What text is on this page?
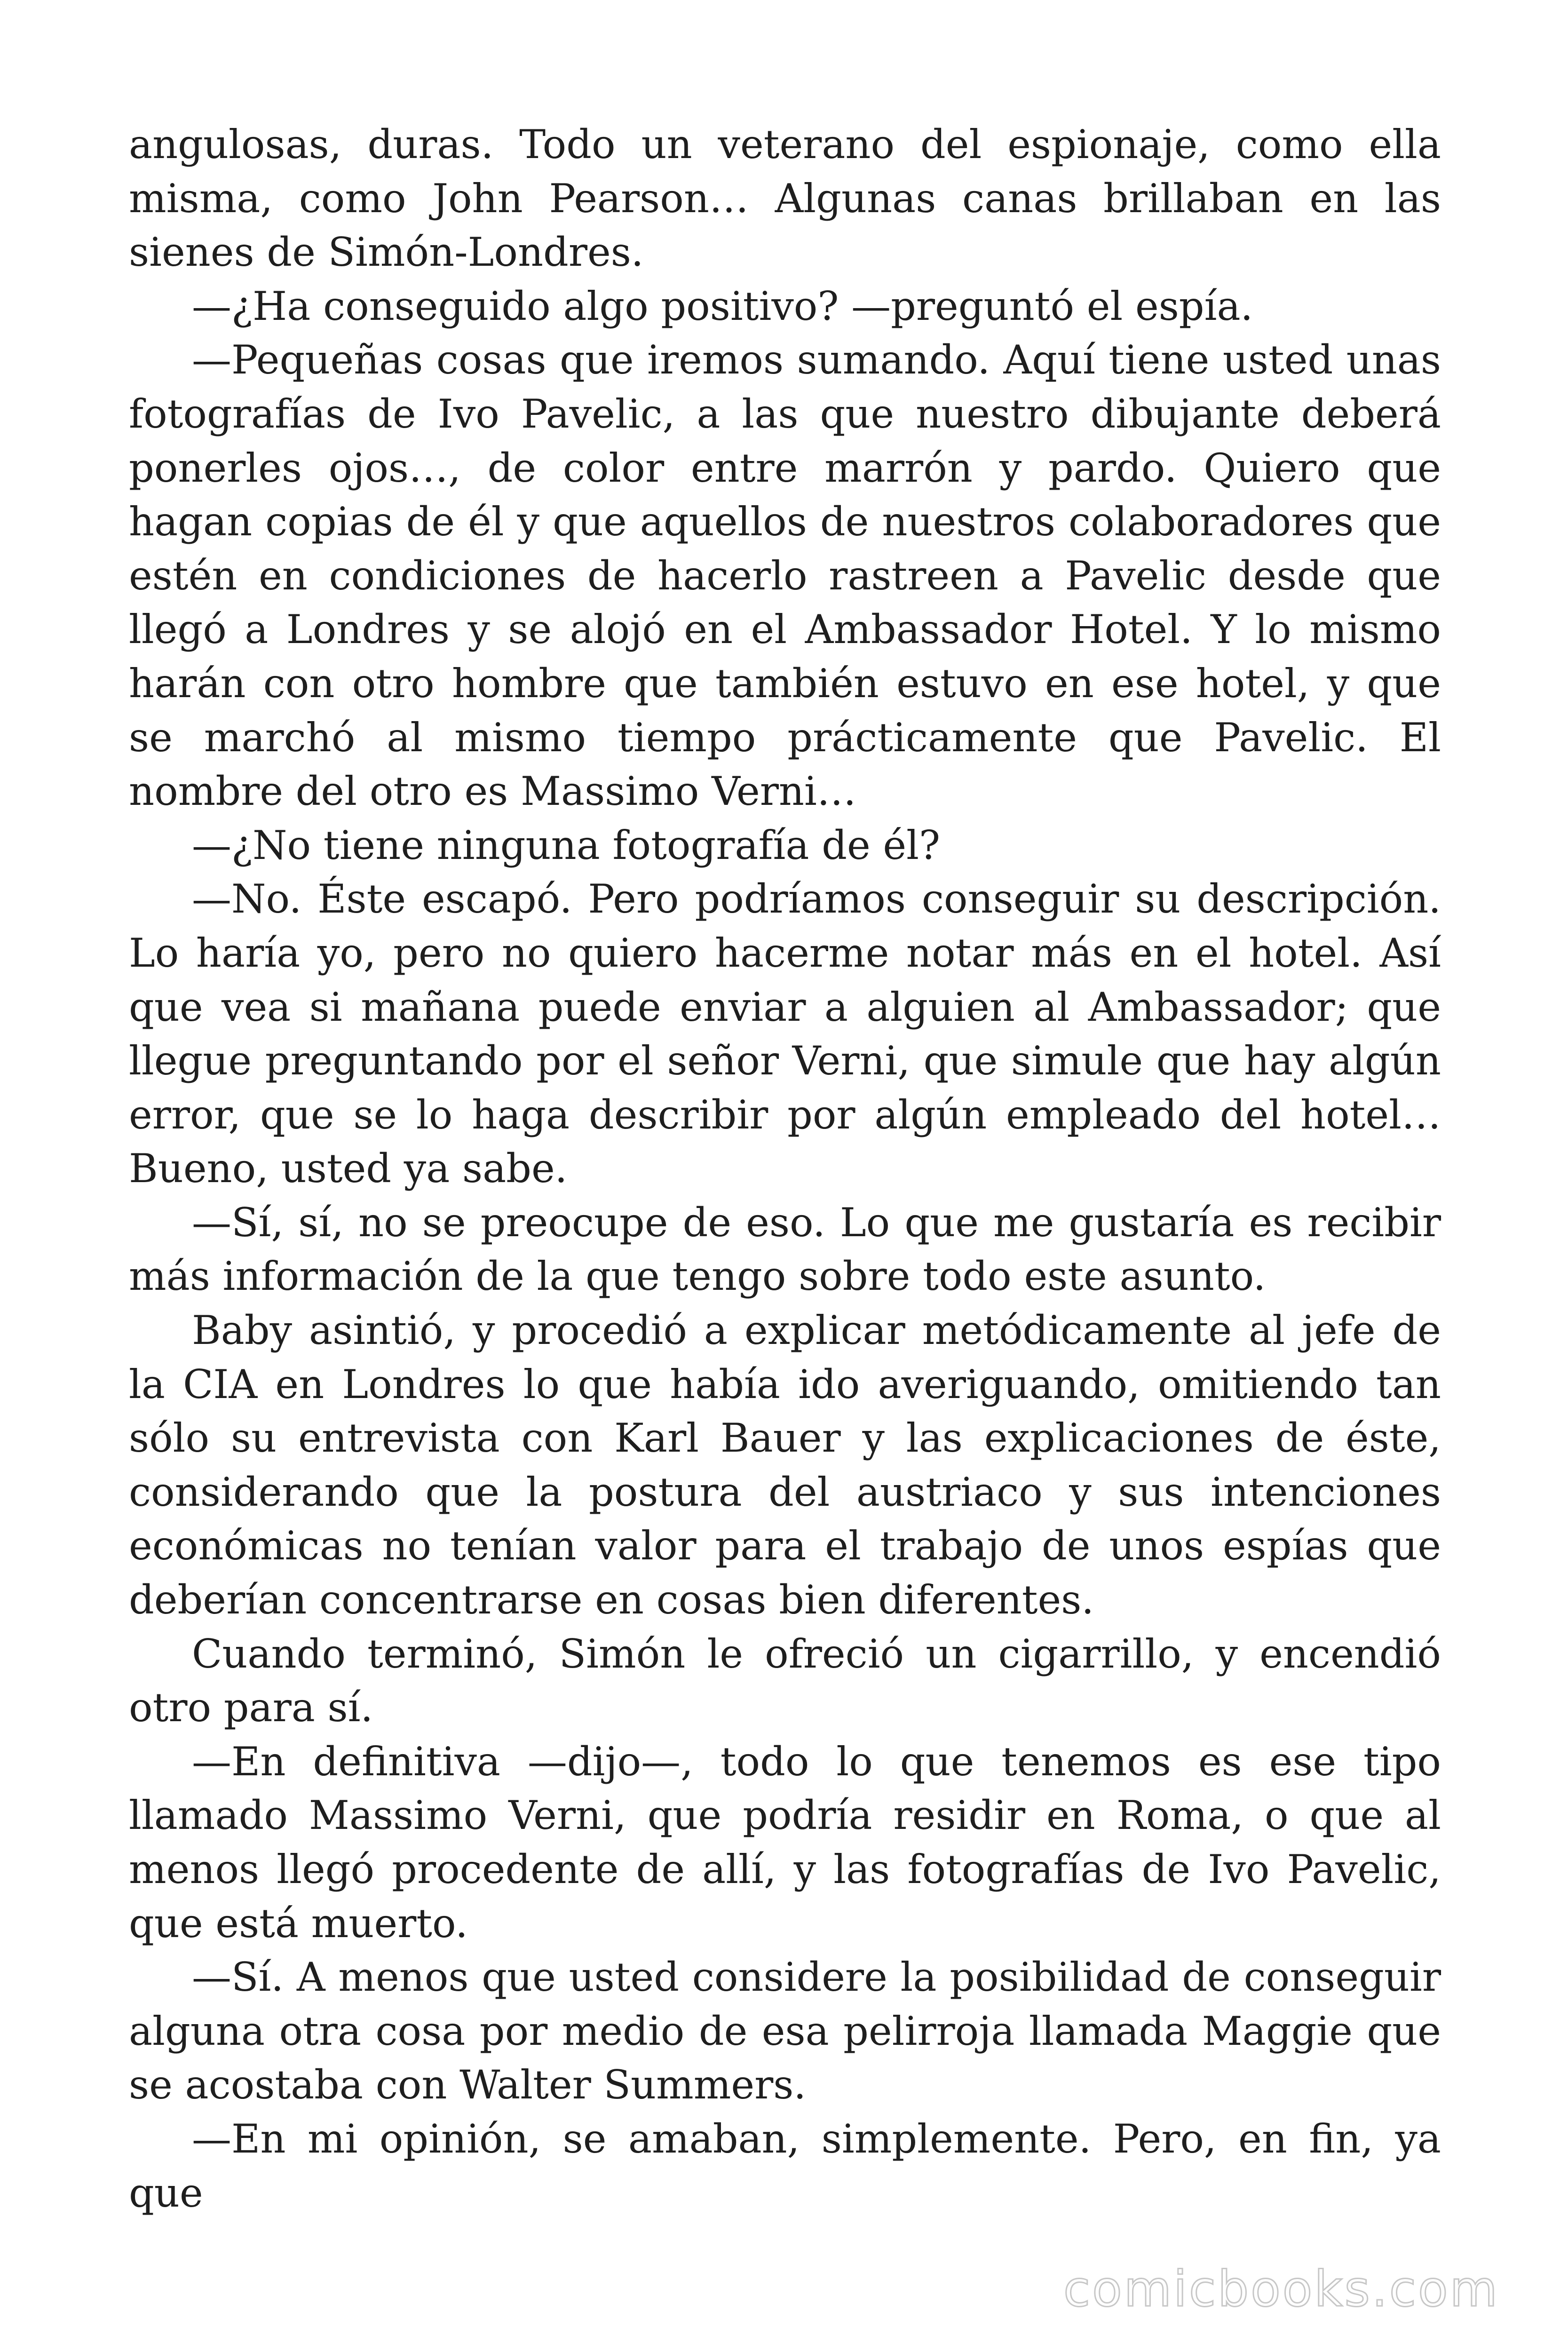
angulosas, duras. Todo un veterano del espionaje, como ella misma, como John Pearson… Algunas canas brillaban en las sienes de Simón-Londres.

—¿Ha conseguido algo positivo? —preguntó el espía.

—Pequeñas cosas que iremos sumando. Aquí tiene usted unas fotografías de Ivo Pavelic, a las que nuestro dibujante deberá ponerles ojos…, de color entre marrón y pardo. Quiero que hagan copias de él y que aquellos de nuestros colaboradores que estén en condiciones de hacerlo rastreen a Pavelic desde que llegó a Londres y se alojó en el Ambassador Hotel. Y lo mismo harán con otro hombre que también estuvo en ese hotel, y que se marchó al mismo tiempo prácticamente que Pavelic. El nombre del otro es Massimo Verni…

—¿No tiene ninguna fotografía de él?

—No. Éste escapó. Pero podríamos conseguir su descripción. Lo haría yo, pero no quiero hacerme notar más en el hotel. Así que vea si mañana puede enviar a alguien al Ambassador; que llegue preguntando por el señor Verni, que simule que hay algún error, que se lo haga describir por algún empleado del hotel… Bueno, usted ya sabe.

—Sí, sí, no se preocupe de eso. Lo que me gustaría es recibir más información de la que tengo sobre todo este asunto.

Baby asintió, y procedió a explicar metódicamente al jefe de la CIA en Londres lo que había ido averiguando, omitiendo tan sólo su entrevista con Karl Bauer y las explicaciones de éste, considerando que la postura del austriaco y sus intenciones económicas no tenían valor para el trabajo de unos espías que deberían concentrarse en cosas bien diferentes.

Cuando terminó, Simón le ofreció un cigarrillo, y encendió otro para sí.

—En definitiva —dijo—, todo lo que tenemos es ese tipo llamado Massimo Verni, que podría residir en Roma, o que al menos llegó procedente de allí, y las fotografías de Ivo Pavelic, que está muerto.

—Sí. A menos que usted considere la posibilidad de conseguir alguna otra cosa por medio de esa pelirroja llamada Maggie que se acostaba con Walter Summers.

—En mi opinión, se amaban, simplemente. Pero, en fin, ya que

comicbooks.com
